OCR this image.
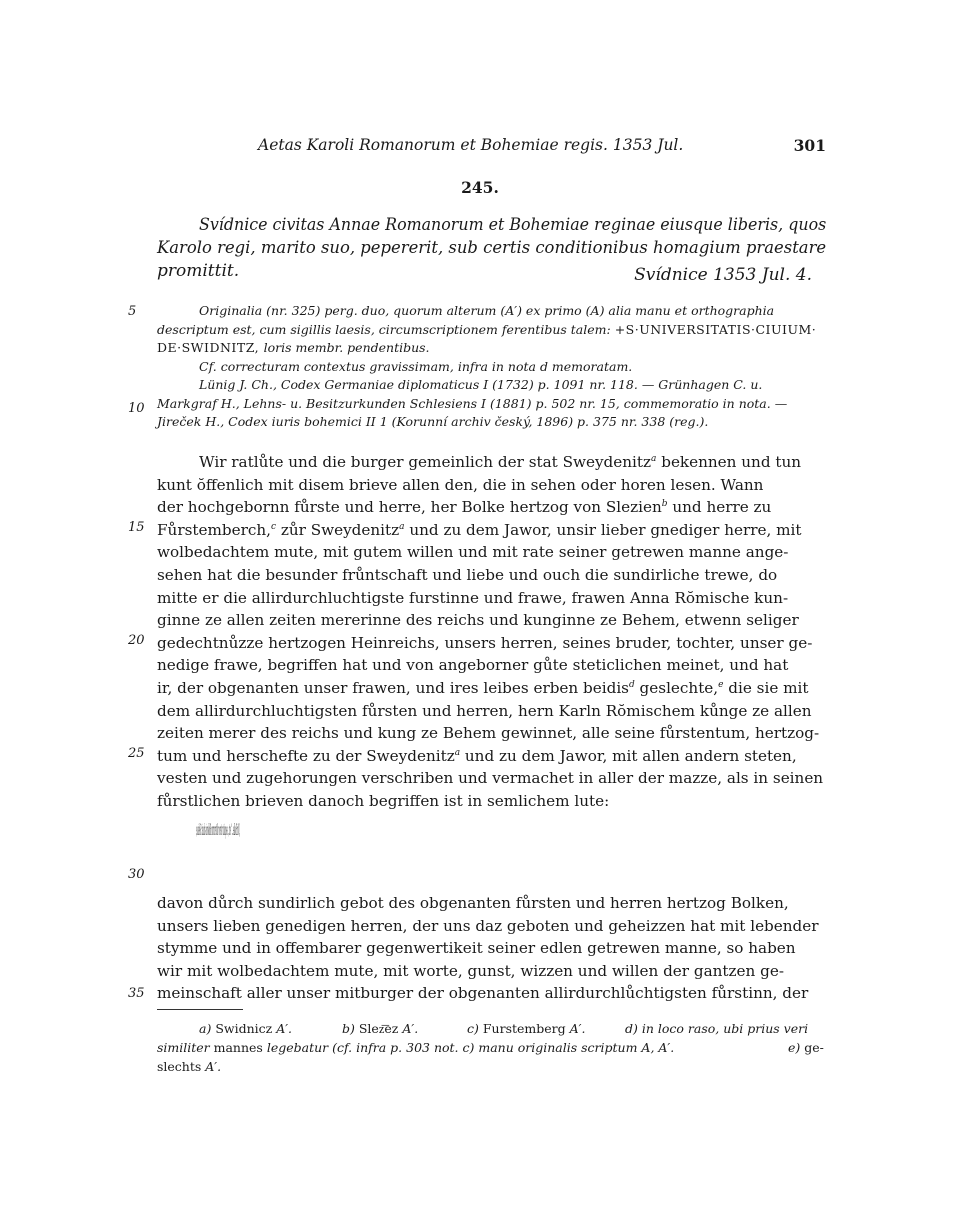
Aetas Karoli Romanorum et Bohemiae regis. 1353 Jul.	301
245.
Svídnice civitas Annae Romanorum et Bohemiae reginae eiusque liberis, quos
Karolo regi, marito suo, pepererit, sub certis conditionibus homagium praestare
promittit.	Svídnice 1353 Jul. 4.
5
10
15
20
25
30
35
Originalia (nr. 325) perg. duo, quorum alterum (A′) ex primo (A) alia manu et orthographia
descriptum est, cum sigillis laesis, circumscriptionem ferentibus talem: +S·UNIVERSITATIS·CIUIUM·
DE·SWIDNITZ, loris membr. pendentibus.
Cf. correcturam contextus gravissimam, infra in nota d memoratam.
Lünig J. Ch., Codex Germaniae diplomaticus I (1732) p. 1091 nr. 118. — Grünhagen C. u.
Markgraf H., Lehns- u. Besitzurkunden Schlesiens I (1881) p. 502 nr. 15, commemoratio in nota. —
Jireček H., Codex iuris bohemici II 1 (Korunní archiv český, 1896) p. 375 nr. 338 (reg.).
Wir ratlůte und die burger gemeinlich der stat Sweydenitz$^a$ bekennen und tun
kunt ŏffenlich mit disem brieve allen den, die in sehen oder horen lesen. Wann
der hochgebornn fůrste und herre, her Bolke hertzog von Slezien$^b$ und herre zu
Fůrstemberch,$^c$ zůr Sweydenitz$^a$ und zu dem Jawor, unsir lieber gnediger herre, mit
wolbedachtem mute, mit gutem willen und mit rate seiner getrewen manne ange-
sehen hat die besunder frůntschaft und liebe und ouch die sundirliche trewe, do
mitte er die allirdurchluchtigste furstinne und frawe, frawen Anna Rŏmische kun-
ginne ze allen zeiten mererinne des reichs und kunginne ze Behem, etwenn seliger
gedechtnůzze hertzogen Heinreichs, unsers herren, seines bruder, tochter, unser ge-
nedige frawe, begriffen hat und von angeborner gůte steticlichen meinet, und hat
ir, der obgenanten unser frawen, und ires leibes erben beidis$^d$ geslechte,$^e$ die sie mit
dem allirdurchluchtigsten fůrsten und herren, hern Karln Rŏmischem kůnge ze allen
zeiten merer des reichs und kung ze Behem gewinnet, alle seine fůrstentum, hertzog-
tum und herschefte zu der Sweydenitz$^a$ und zu dem Jawor, mit allen andern steten,
vesten und zugehorungen verschriben und vermachet in aller der mazze, als in seinen
fůrstlichen brieven danoch begriffen ist in semlichem lute:
„Wir Bolke...“ etc., sequitur tenor litterarum Bolkonis ducis Silesiae,
davon důrch sundirlich gebot des obgenanten fůrsten und herren hertzog Bolken,
unsers lieben genedigen herren, der uns daz geboten und geheizzen hat mit lebender
stymme und in offembarer gegenwertikeit seiner edlen getrewen manne, so haben
wir mit wolbedachtem mute, mit worte, gunst, wizzen und willen der gantzen ge-
meinschaft aller unser mitburger der obgenanten allirdurchlůchtigsten fůrstinn, der
a) Swidnicz A′.	b) Slez͞ez A′.	c) Furstemberg A′.	d) in loco raso, ubi prius veri
similiter mannes legebatur (cf. infra p. 303 not. c) manu originalis scriptum A, A′.	e) ge-
slechts A′.
